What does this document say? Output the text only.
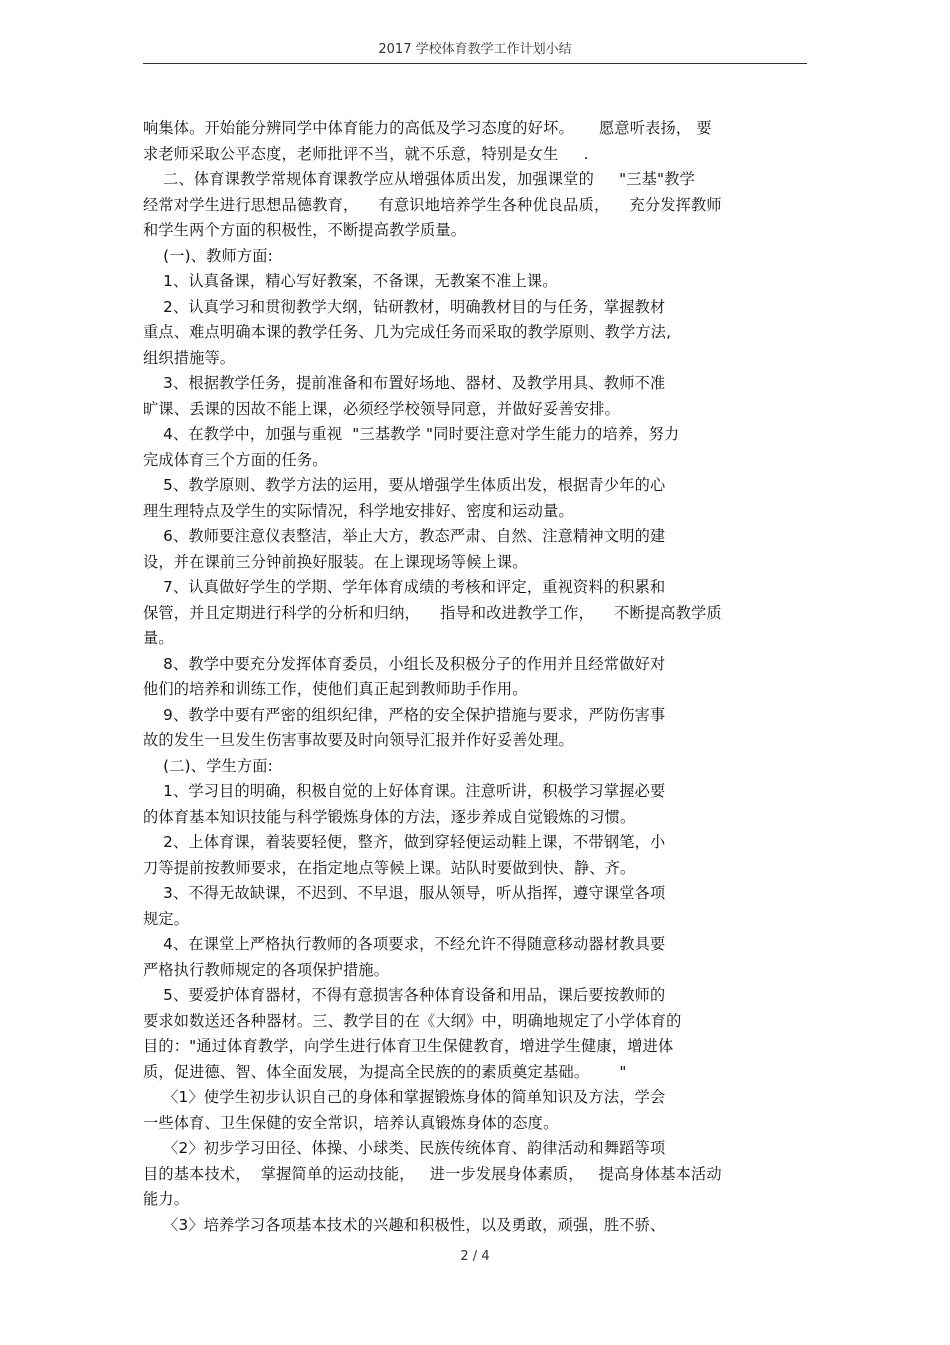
2017 学校体育教学工作计划小结
响集体。开始能分辨同学中体育能力的高低及学习态度的好坏。     愿意听表扬， 要
求老师采取公平态度，老师批评不当，就不乐意，特别是女生     .
二、体育课教学常规体育课教学应从增强体质出发，加强课堂的     "三基"教学
经常对学生进行思想品德教育，    有意识地培养学生各种优良品质，    充分发挥教师
和学生两个方面的积极性，不断提高教学质量。
(一)、教师方面:
1、认真备课，精心写好教案，不备课，无教案不准上课。
2、认真学习和贯彻教学大纲，钻研教材，明确教材目的与任务，掌握教材
重点、难点明确本课的教学任务、几为完成任务而采取的教学原则、教学方法,
组织措施等。
3、根据教学任务，提前准备和布置好场地、器材、及教学用具、教师不准
旷课、丢课的因故不能上课，必须经学校领导同意，并做好妥善安排。
4、在教学中，加强与重视  "三基教学 "同时要注意对学生能力的培养，努力
完成体育三个方面的任务。
5、教学原则、教学方法的运用，要从增强学生体质出发，根据青少年的心
理生理特点及学生的实际情况，科学地安排好、密度和运动量。
6、教师要注意仪表整洁，举止大方，教态严肃、自然、注意精神文明的建
设，并在课前三分钟前换好服装。在上课现场等候上课。
7、认真做好学生的学期、学年体育成绩的考核和评定，重视资料的积累和
保管，并且定期进行科学的分析和归纳，    指导和改进教学工作，    不断提高教学质
量。
8、教学中要充分发挥体育委员，小组长及积极分子的作用并且经常做好对
他们的培养和训练工作，使他们真正起到教师助手作用。
9、教学中要有严密的组织纪律，严格的安全保护措施与要求，严防伤害事
故的发生一旦发生伤害事故要及时向领导汇报并作好妥善处理。
(二)、学生方面:
1、学习目的明确，积极自觉的上好体育课。注意听讲，积极学习掌握必要
的体育基本知识技能与科学锻炼身体的方法，逐步养成自觉锻炼的习惯。
2、上体育课，着装要轻便，整齐，做到穿轻便运动鞋上课，不带钢笔，小
刀等提前按教师要求，在指定地点等候上课。站队时要做到快、静、齐。
3、不得无故缺课，不迟到、不早退，服从领导，听从指挥，遵守课堂各项
规定。
4、在课堂上严格执行教师的各项要求，不经允许不得随意移动器材教具要
严格执行教师规定的各项保护措施。
5、要爱护体育器材，不得有意损害各种体育设备和用品，课后要按教师的
要求如数送还各种器材。三、教学目的在《大纲》中，明确地规定了小学体育的
目的："通过体育教学，向学生进行体育卫生保健教育，增进学生健康，增进体
质，促进德、智、体全面发展，为提高全民族的的素质奠定基础。      "
〈1〉使学生初步认识自己的身体和掌握锻炼身体的简单知识及方法，学会
一些体育、卫生保健的安全常识，培养认真锻炼身体的态度。
〈2〉初步学习田径、体操、小球类、民族传统体育、韵律活动和舞蹈等项
目的基本技术，  掌握简单的运动技能，   进一步发展身体素质，   提高身体基本活动
能力。
〈3〉培养学习各项基本技术的兴趣和积极性，以及勇敢，顽强，胜不骄、
2 / 4
